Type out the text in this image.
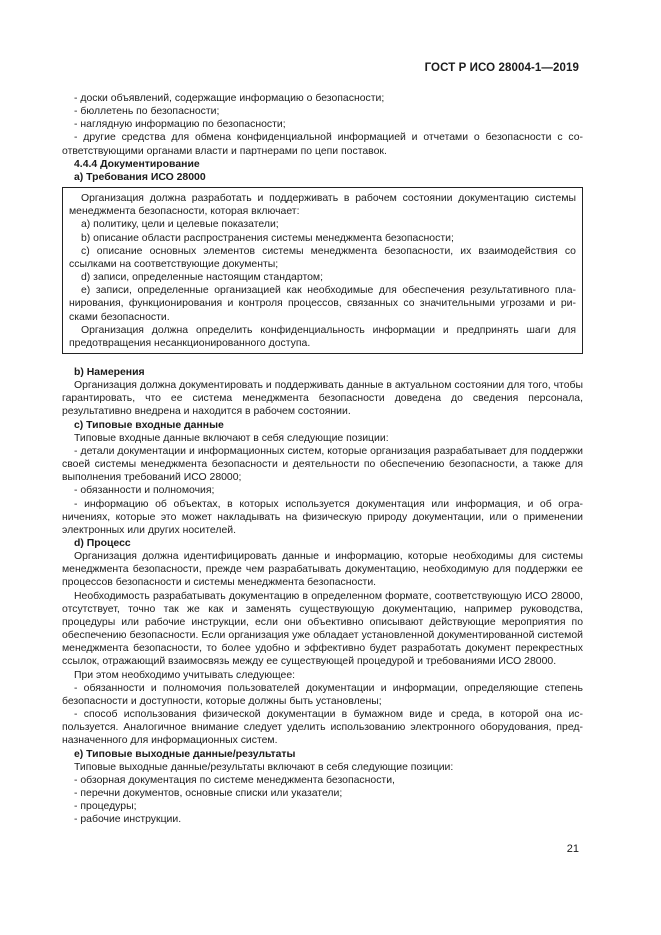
ГОСТ Р ИСО 28004-1—2019

- доски объявлений, содержащие информацию о безопасности;

- бюллетень по безопасности;

- наглядную информацию по безопасности;

- другие средства для обмена конфиденциальной информацией и отчетами о безопасности с соответствующими органами власти и партнерами по цепи поставок.

4.4.4 Документирование

а) Требования ИСО 28000

Организация должна разработать и поддерживать в рабочем состоянии документацию системы менеджмента безопасности, которая включает:

a) политику, цели и целевые показатели;

b) описание области распространения системы менеджмента безопасности;

c) описание основных элементов системы менеджмента безопасности, их взаимодействия со ссылками на соответствующие документы;

d) записи, определенные настоящим стандартом;

e) записи, определенные организацией как необходимые для обеспечения результативного планирования, функционирования и контроля процессов, связанных со значительными угрозами и рисками безопасности.

Организация должна определить конфиденциальность информации и предпринять шаги для предотвращения несанкционированного доступа.

b) Намерения

Организация должна документировать и поддерживать данные в актуальном состоянии для того, чтобы гарантировать, что ее система менеджмента безопасности доведена до сведения персонала, результативно внедрена и находится в рабочем состоянии.

c) Типовые входные данные

Типовые входные данные включают в себя следующие позиции:

- детали документации и информационных систем, которые организация разрабатывает для поддержки своей системы менеджмента безопасности и деятельности по обеспечению безопасности, а также для выполнения требований ИСО 28000;

- обязанности и полномочия;

- информацию об объектах, в которых используется документация или информация, и об ограничениях, которые это может накладывать на физическую природу документации, или о применении электронных или других носителей.

d) Процесс

Организация должна идентифицировать данные и информацию, которые необходимы для системы менеджмента безопасности, прежде чем разрабатывать документацию, необходимую для поддержки ее процессов безопасности и системы менеджмента безопасности.

Необходимость разрабатывать документацию в определенном формате, соответствующую ИСО 28000, отсутствует, точно так же как и заменять существующую документацию, например руководства, процедуры или рабочие инструкции, если они объективно описывают действующие мероприятия по обеспечению безопасности. Если организация уже обладает установленной документированной системой менеджмента безопасности, то более удобно и эффективно будет разработать документ перекрестных ссылок, отражающий взаимосвязь между ее существующей процедурой и требованиями ИСО 28000.

При этом необходимо учитывать следующее:

- обязанности и полномочия пользователей документации и информации, определяющие степень безопасности и доступности, которые должны быть установлены;

- способ использования физической документации в бумажном виде и среда, в которой она используется. Аналогичное внимание следует уделить использованию электронного оборудования, предназначенного для информационных систем.

e) Типовые выходные данные/результаты

Типовые выходные данные/результаты включают в себя следующие позиции:

- обзорная документация по системе менеджмента безопасности,

- перечни документов, основные списки или указатели;

- процедуры;

- рабочие инструкции.

21
